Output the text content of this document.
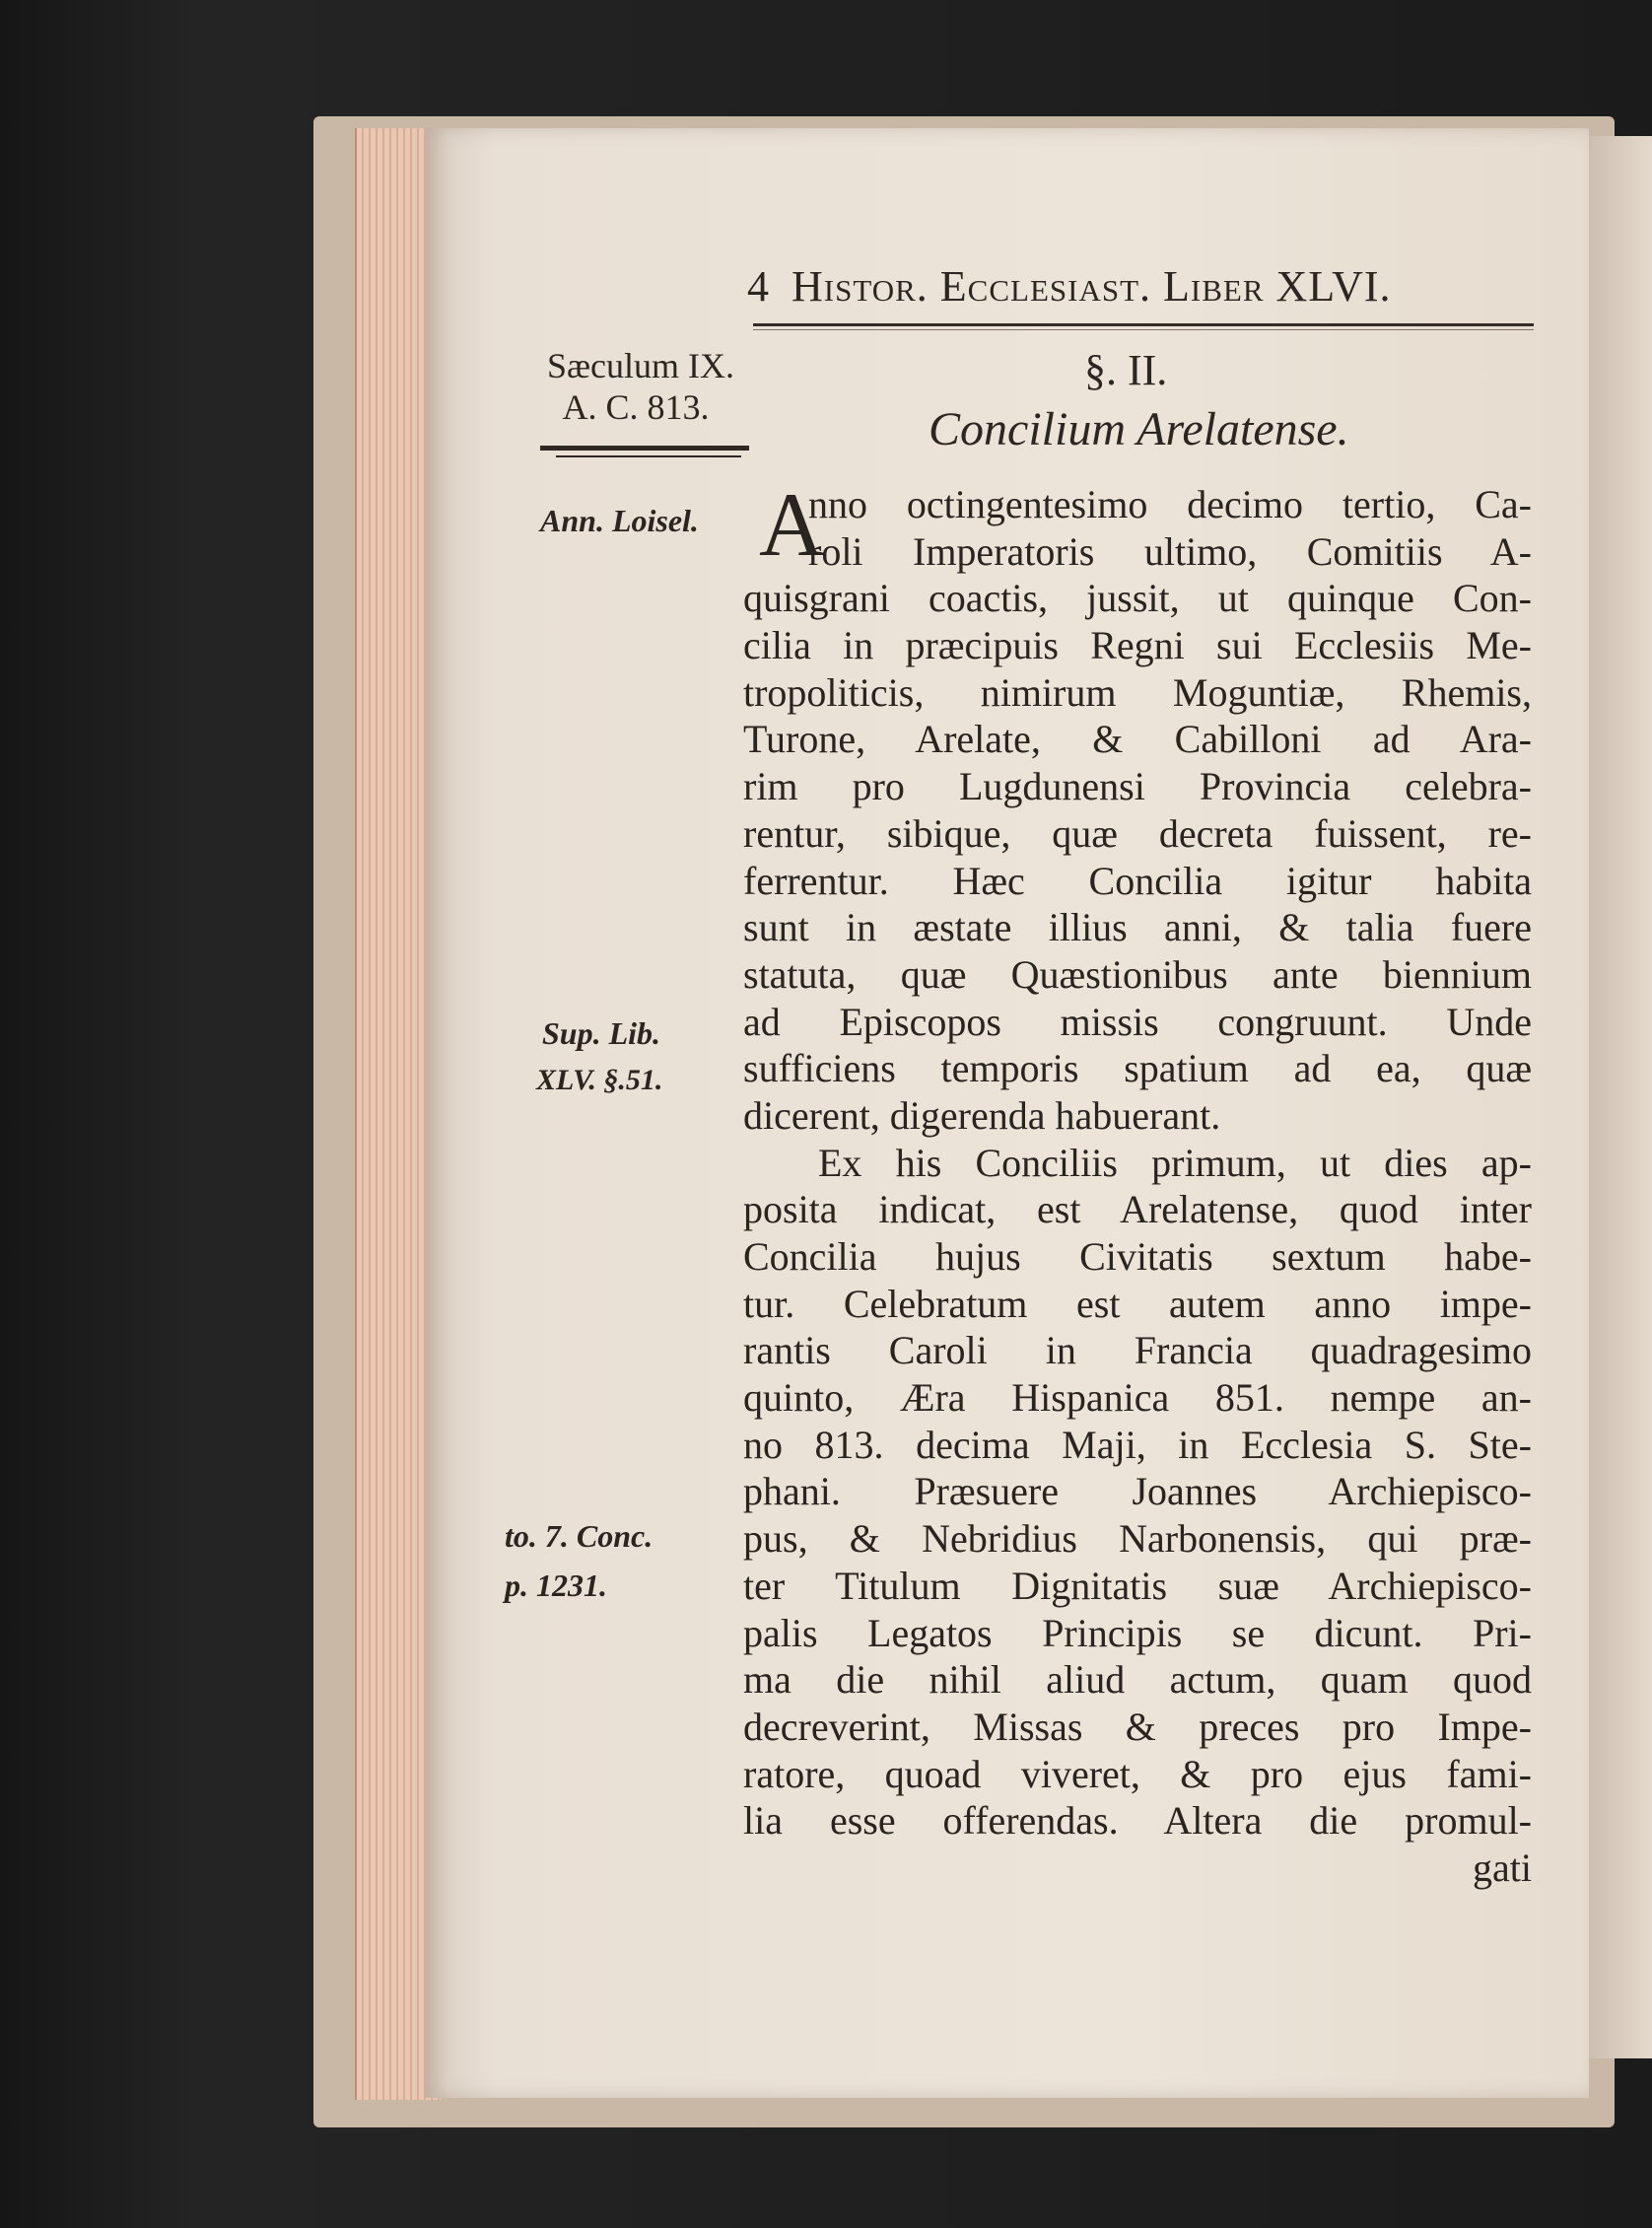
4 Histor. Ecclesiast. Liber XLVI.
Sæculum IX.
A. C. 813.
Ann. Loisel.
Sup. Lib.
XLV. §.51.
to. 7. Conc.
p. 1231.
§. II.
Concilium Arelatense.
A
nno octingentesimo decimo tertio, Ca-
roli Imperatoris ultimo, Comitiis A-
quisgrani coactis, jussit, ut quinque Con-
cilia in præcipuis Regni sui Ecclesiis Me-
tropoliticis, nimirum Moguntiæ, Rhemis,
Turone, Arelate, & Cabilloni ad Ara-
rim pro Lugdunensi Provincia celebra-
rentur, sibique, quæ decreta fuissent, re-
ferrentur. Hæc Concilia igitur habita
sunt in æstate illius anni, & talia fuere
statuta, quæ Quæstionibus ante biennium
ad Episcopos missis congruunt. Unde
sufficiens temporis spatium ad ea, quæ
dicerent, digerenda habuerant.
Ex his Conciliis primum, ut dies ap-
posita indicat, est Arelatense, quod inter
Concilia hujus Civitatis sextum habe-
tur. Celebratum est autem anno impe-
rantis Caroli in Francia quadragesimo
quinto, Æra Hispanica 851. nempe an-
no 813. decima Maji, in Ecclesia S. Ste-
phani. Præsuere Joannes Archiepisco-
pus, & Nebridius Narbonensis, qui præ-
ter Titulum Dignitatis suæ Archiepisco-
palis Legatos Principis se dicunt. Pri-
ma die nihil aliud actum, quam quod
decreverint, Missas & preces pro Impe-
ratore, quoad viveret, & pro ejus fami-
lia esse offerendas. Altera die promul-
gati
